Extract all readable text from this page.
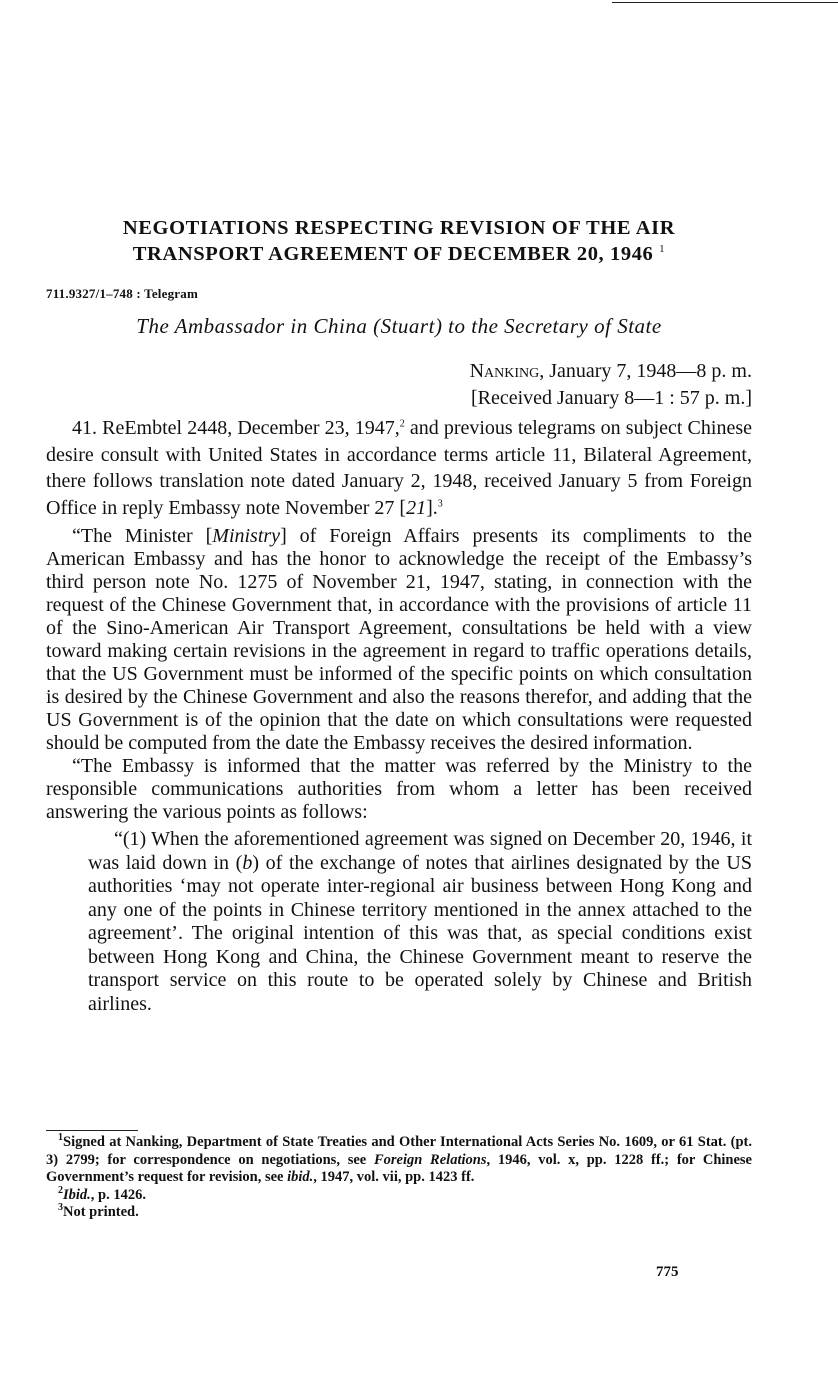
NEGOTIATIONS RESPECTING REVISION OF THE AIR
TRANSPORT AGREEMENT OF DECEMBER 20, 1946 $^1$
711.9327/1–748 : Telegram
The Ambassador in China (Stuart) to the Secretary of State
Nanking, January 7, 1948—8 p. m.
[Received January 8—1 : 57 p. m.]

41. ReEmbtel 2448, December 23, 1947,$^2$ and previous telegrams on subject Chinese desire consult with United States in accordance terms article 11, Bilateral Agreement, there follows translation note dated January 2, 1948, received January 5 from Foreign Office in reply Embassy note November 27 [21].$^3$

“The Minister [Ministry] of Foreign Affairs presents its compliments to the American Embassy and has the honor to acknowledge the receipt of the Embassy’s third person note No. 1275 of November 21, 1947, stating, in connection with the request of the Chinese Government that, in accordance with the provisions of article 11 of the Sino-American Air Transport Agreement, consultations be held with a view toward making certain revisions in the agreement in regard to traffic operations details, that the US Government must be informed of the specific points on which consultation is desired by the Chinese Government and also the reasons therefor, and adding that the US Government is of the opinion that the date on which consultations were requested should be computed from the date the Embassy receives the desired information.

“The Embassy is informed that the matter was referred by the Ministry to the responsible communications authorities from whom a letter has been received answering the various points as follows:

“(1) When the aforementioned agreement was signed on December 20, 1946, it was laid down in (b) of the exchange of notes that airlines designated by the US authorities ‘may not operate inter-regional air business between Hong Kong and any one of the points in Chinese territory mentioned in the annex attached to the agreement’. The original intention of this was that, as special conditions exist between Hong Kong and China, the Chinese Government meant to reserve the transport service on this route to be operated solely by Chinese and British airlines.

$^1$Signed at Nanking, Department of State Treaties and Other International Acts Series No. 1609, or 61 Stat. (pt. 3) 2799; for correspondence on negotiations, see Foreign Relations, 1946, vol. x, pp. 1228 ff.; for Chinese Government’s request for revision, see ibid., 1947, vol. vii, pp. 1423 ff.

$^2$Ibid., p. 1426.

$^3$Not printed.

775
